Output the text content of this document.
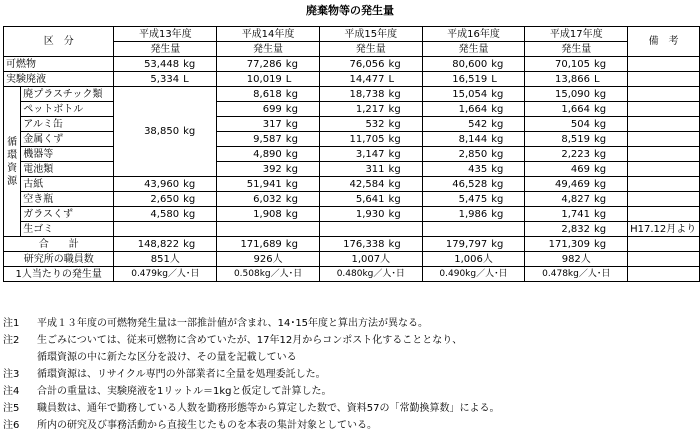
廃棄物等の発生量
区　分		平成13年度		平成14年度		平成15年度		平成16年度		平成17年度		備　考
		発生量		発生量		発生量		発生量		発生量		
可燃物		53,448	kg	77,286	kg	76,056	kg	80,600	kg	70,105	kg	
実験廃液		5,334	L	10,019	L	14,477	L	16,519	L	13,866	L	
循
環
資
源	廃プラスチック類	38,850	kg	8,618	kg	18,738	kg	15,054	kg	15,090	kg	
	ペットボトル			699	kg	1,217	kg	1,664	kg	1,664	kg	
	アルミ缶			317	kg	532	kg	542	kg	504	kg	
	金属くず			9,587	kg	11,705	kg	8,144	kg	8,519	kg	
	機器等			4,890	kg	3,147	kg	2,850	kg	2,223	kg	
	電池類			392	kg	311	kg	435	kg	469	kg	
	古紙	43,960	kg	51,941	kg	42,584	kg	46,528	kg	49,469	kg	
	空き瓶	2,650	kg	6,032	kg	5,641	kg	5,475	kg	4,827	kg	
	ガラスくず	4,580	kg	1,908	kg	1,930	kg	1,986	kg	1,741	kg	
	生ゴミ									2,832	kg	H17.12月より
合　　計		148,822	kg	171,689	kg	176,338	kg	179,797	kg	171,309	kg	
研究所の職員数		851人		926人		1,007人		1,006人		982人		
1人当たりの発生量		0.479kg／人･日		0.508kg／人･日		0.480kg／人･日		0.490kg／人･日		0.478kg／人･日		
注1 平成１３年度の可燃物発生量は一部推計値が含まれ、14･15年度と算出方法が異なる。
注2 生ごみについては、従来可燃物に含めていたが、17年12月からコンポスト化することとなり、
循環資源の中に新たな区分を設け、その量を記載している
注3 循環資源は、リサイクル専門の外部業者に全量を処理委託した。
注4 合計の重量は、実験廃液を1リットル＝1kgと仮定して計算した。
注5 職員数は、通年で勤務している人数を勤務形態等から算定した数で、資料57の「常勤換算数」による。
注6 所内の研究及び事務活動から直接生じたものを本表の集計対象としている。
